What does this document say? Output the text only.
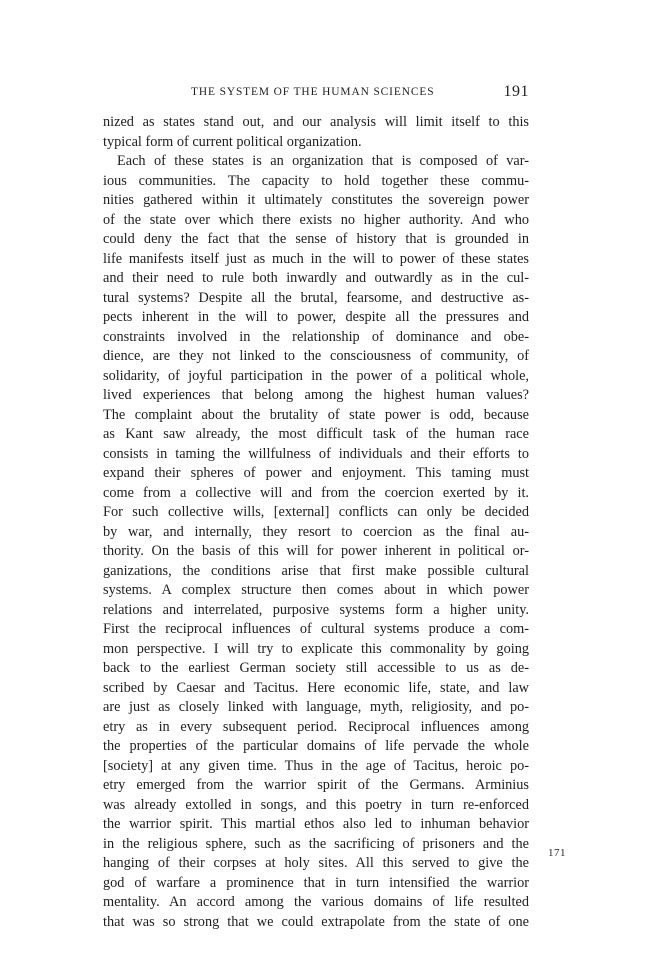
THE SYSTEM OF THE HUMAN SCIENCES	191
nized as states stand out, and our analysis will limit itself to this
typical form of current political organization.
Each of these states is an organization that is composed of var-
ious communities. The capacity to hold together these commu-
nities gathered within it ultimately constitutes the sovereign power
of the state over which there exists no higher authority. And who
could deny the fact that the sense of history that is grounded in
life manifests itself just as much in the will to power of these states
and their need to rule both inwardly and outwardly as in the cul-
tural systems? Despite all the brutal, fearsome, and destructive as-
pects inherent in the will to power, despite all the pressures and
constraints involved in the relationship of dominance and obe-
dience, are they not linked to the consciousness of community, of
solidarity, of joyful participation in the power of a political whole,
lived experiences that belong among the highest human values?
The complaint about the brutality of state power is odd, because
as Kant saw already, the most difficult task of the human race
consists in taming the willfulness of individuals and their efforts to
expand their spheres of power and enjoyment. This taming must
come from a collective will and from the coercion exerted by it.
For such collective wills, [external] conflicts can only be decided
by war, and internally, they resort to coercion as the final au-
thority. On the basis of this will for power inherent in political or-
ganizations, the conditions arise that first make possible cultural
systems. A complex structure then comes about in which power
relations and interrelated, purposive systems form a higher unity.
First the reciprocal influences of cultural systems produce a com-
mon perspective. I will try to explicate this commonality by going
back to the earliest German society still accessible to us as de-
scribed by Caesar and Tacitus. Here economic life, state, and law
are just as closely linked with language, myth, religiosity, and po-
etry as in every subsequent period. Reciprocal influences among
the properties of the particular domains of life pervade the whole
[society] at any given time. Thus in the age of Tacitus, heroic po-
etry emerged from the warrior spirit of the Germans. Arminius
was already extolled in songs, and this poetry in turn re-enforced
the warrior spirit. This martial ethos also led to inhuman behavior
in the religious sphere, such as the sacrificing of prisoners and the
hanging of their corpses at holy sites. All this served to give the
god of warfare a prominence that in turn intensified the warrior
mentality. An accord among the various domains of life resulted
that was so strong that we could extrapolate from the state of one
171
